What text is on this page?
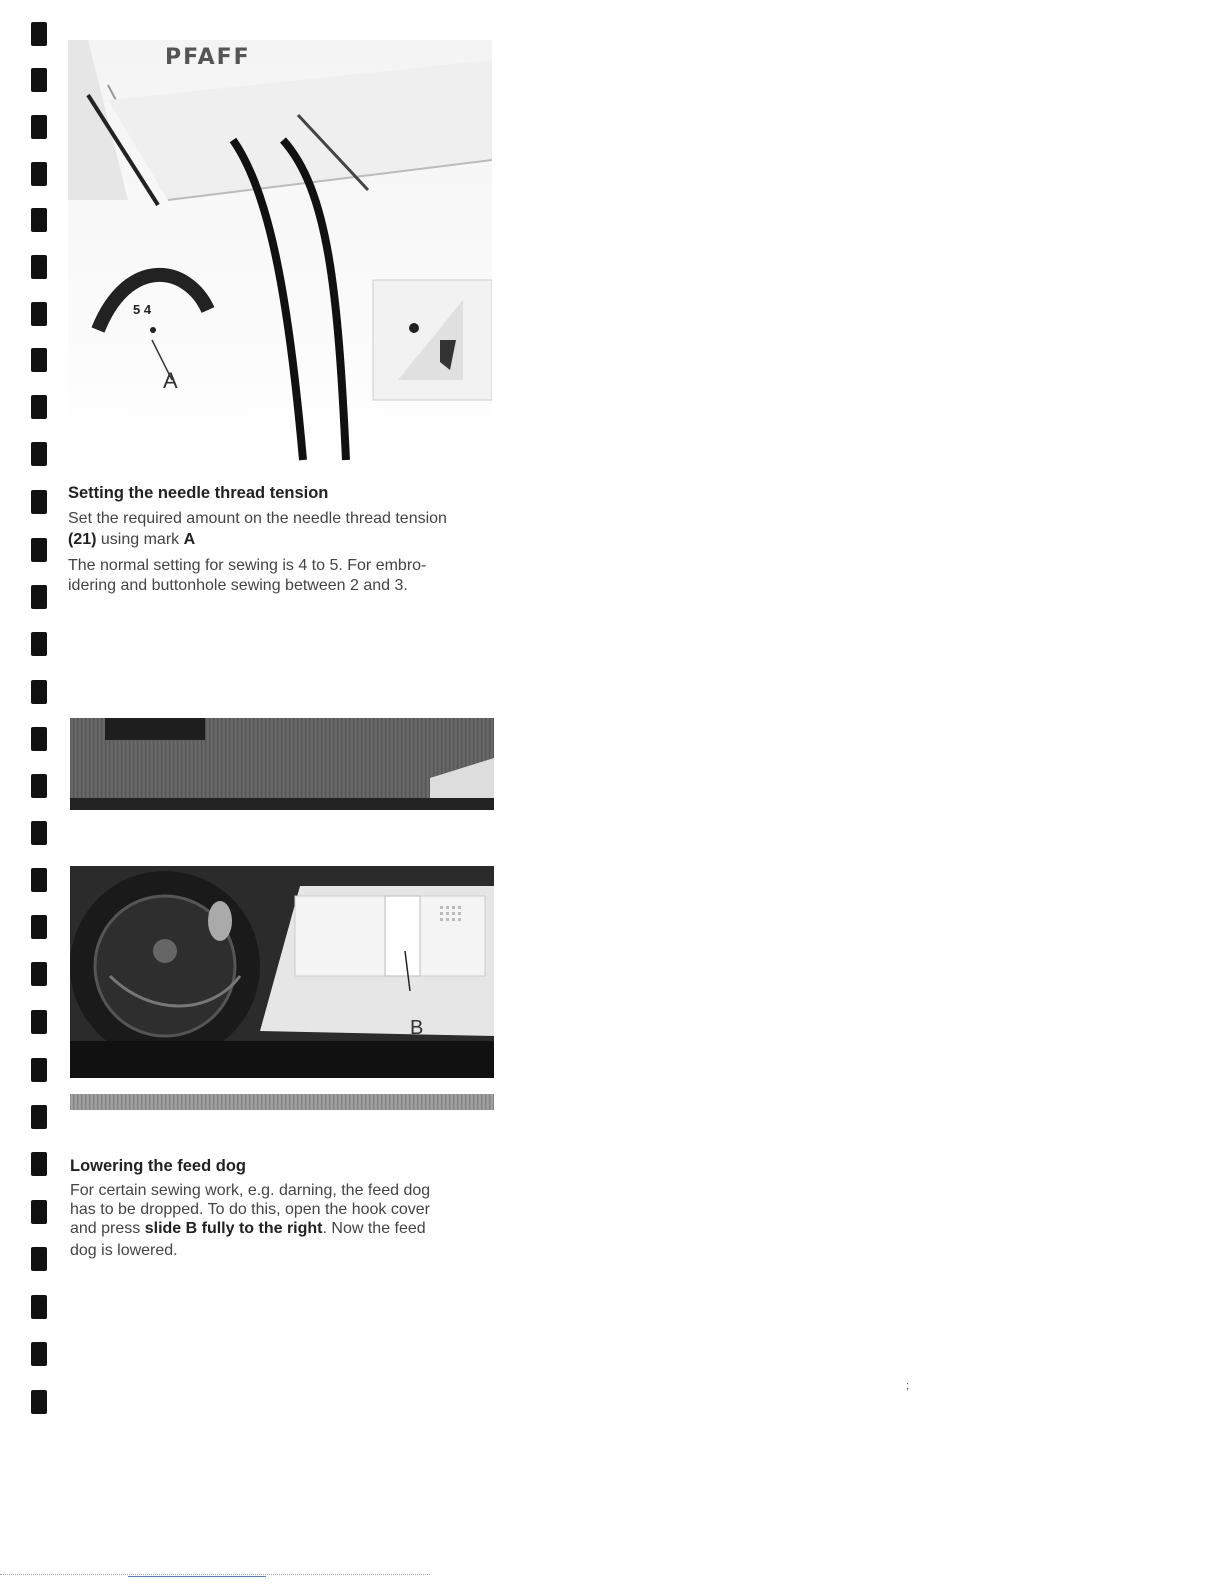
PFAFF
5 4
A
Setting the needle thread tension

Set the required amount on the needle thread tension

(21) using mark A

The normal setting for sewing is 4 to 5. For embro-

idering and buttonhole sewing between 2 and 3.

B
Lowering the feed dog

For certain sewing work, e.g. darning, the feed dog

has to be dropped. To do this, open the hook cover

and press slide B fully to the right. Now the feed

dog is lowered.

;
